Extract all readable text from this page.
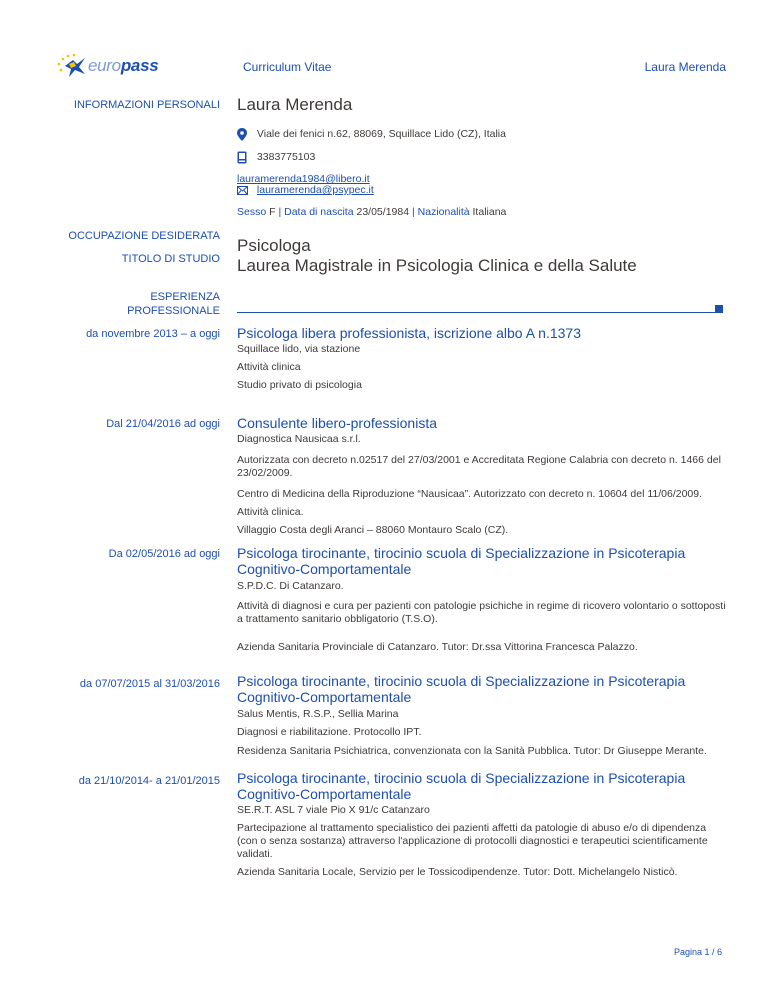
europass	Curriculum Vitae	Laura Merenda
INFORMAZIONI PERSONALI Laura Merenda
Viale dei fenici n.62, 88069, Squillace Lido (CZ), Italia
3383775103
lauramerenda1984@libero.it
lauramerenda@psypec.it
Sesso F | Data di nascita 23/05/1984 | Nazionalità Italiana
OCCUPAZIONE DESIDERATA
TITOLO DI STUDIO
Psicologa
Laurea Magistrale in Psicologia Clinica e della Salute
ESPERIENZA
PROFESSIONALE
da novembre 2013 – a oggi Psicologa libera professionista, iscrizione albo A n.1373
Squillace lido, via stazione
Attività clinica
Studio privato di psicologia
Dal 21/04/2016 ad oggi Consulente libero-professionista
Diagnostica Nausicaa s.r.l.
Autorizzata con decreto n.02517 del 27/03/2001 e Accreditata Regione Calabria con decreto n. 1466 del 23/02/2009.
Centro di Medicina della Riproduzione “Nausicaa”. Autorizzato con decreto n. 10604 del 11/06/2009.
Attività clinica.
Villaggio Costa degli Aranci – 88060 Montauro Scalo (CZ).
Da 02/05/2016 ad oggi Psicologa tirocinante, tirocinio scuola di Specializzazione in Psicoterapia
Cognitivo-Comportamentale
S.P.D.C. Di Catanzaro.
Attività di diagnosi e cura per pazienti con patologie psichiche in regime di ricovero volontario o sottoposti a trattamento sanitario obbligatorio (T.S.O).
Azienda Sanitaria Provinciale di Catanzaro. Tutor: Dr.ssa Vittorina Francesca Palazzo.
da 07/07/2015 al 31/03/2016 Psicologa tirocinante, tirocinio scuola di Specializzazione in Psicoterapia
Cognitivo-Comportamentale
Salus Mentis, R.S.P., Sellia Marina
Diagnosi e riabilitazione. Protocollo IPT.
Residenza Sanitaria Psichiatrica, convenzionata con la Sanità Pubblica. Tutor: Dr Giuseppe Merante.
da 21/10/2014- a 21/01/2015 Psicologa tirocinante, tirocinio scuola di Specializzazione in Psicoterapia
Cognitivo-Comportamentale
SE.R.T. ASL 7 viale Pio X 91/c Catanzaro
Partecipazione al trattamento specialistico dei pazienti affetti da patologie di abuso e/o di dipendenza (con o senza sostanza) attraverso l'applicazione di protocolli diagnostici e terapeutici scientificamente validati.
Azienda Sanitaria Locale, Servizio per le Tossicodipendenze. Tutor: Dott. Michelangelo Nisticò.
Pagina 1 / 6
